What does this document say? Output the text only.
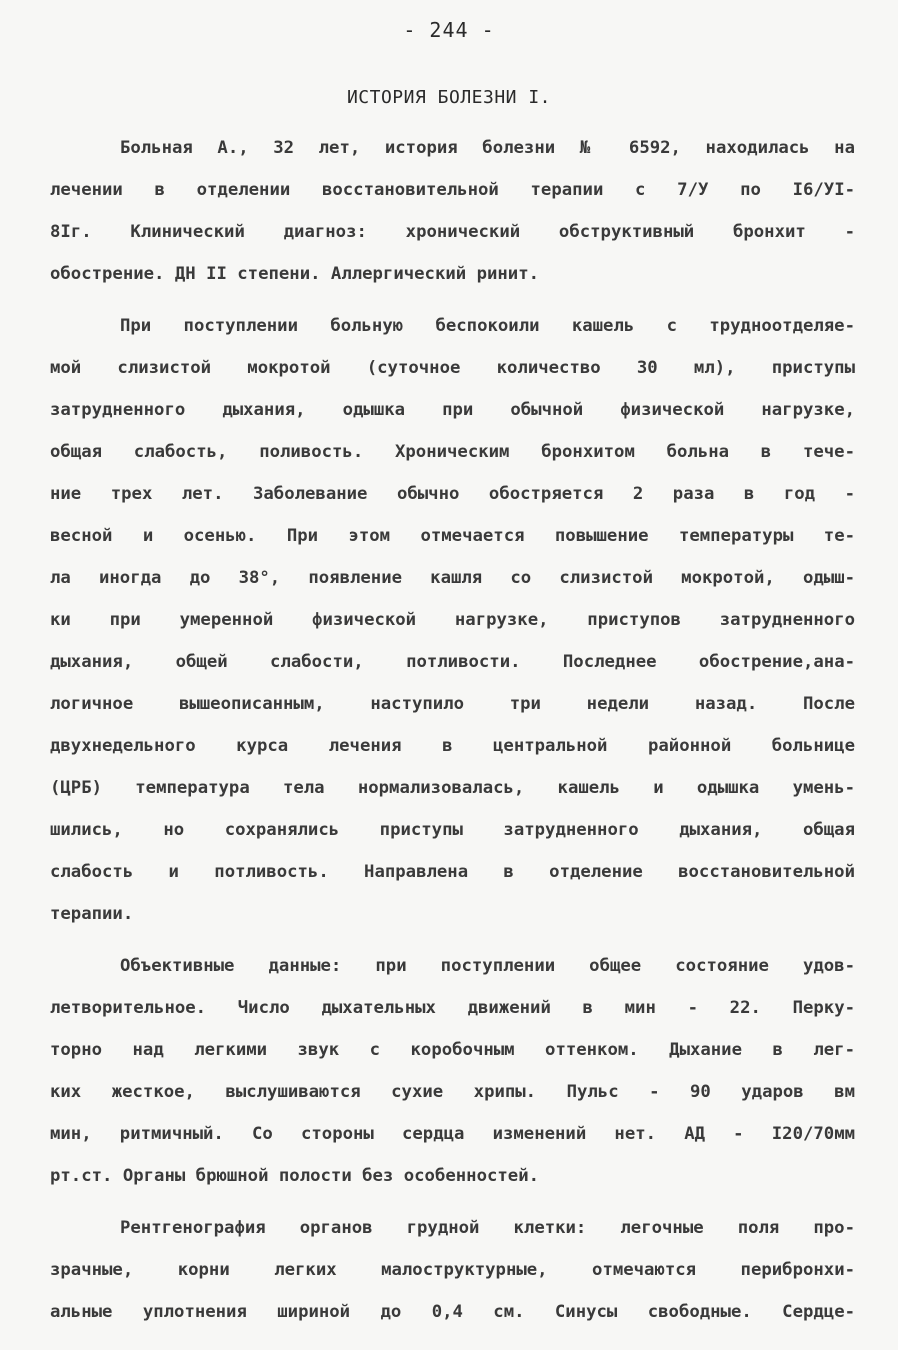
- 244 -
ИСТОРИЯ БОЛЕЗНИ I.
Больная А., 32 лет, история болезни № 6592, находилась на
лечении в отделении восстановительной терапии с 7/У по I6/УI-
8Iг. Клинический диагноз: хронический обструктивный бронхит -
обострение. ДН II степени. Аллергический ринит.
При поступлении больную беспокоили кашель с трудноотделяе-
мой слизистой мокротой (суточное количество 30 мл), приступы
затрудненного дыхания, одышка при обычной физической нагрузке,
общая слабость, поливость. Хроническим бронхитом больна в тече-
ние трех лет. Заболевание обычно обостряется 2 раза в год -
весной и осенью. При этом отмечается повышение температуры те-
ла иногда до 38°, появление кашля со слизистой мокротой, одыш-
ки при умеренной физической нагрузке, приступов затрудненного
дыхания, общей слабости, потливости. Последнее обострение,ана-
логичное вышеописанным, наступило три недели назад. После
двухнедельного курса лечения в центральной районной больнице
(ЦРБ) температура тела нормализовалась, кашель и одышка умень-
шились, но сохранялись приступы затрудненного дыхания, общая
слабость и потливость. Направлена в отделение восстановительной
терапии.
Объективные данные: при поступлении общее состояние удов-
летворительное. Число дыхательных движений в мин - 22. Перку-
торно над легкими звук с коробочным оттенком. Дыхание в лег-
ких жесткое, выслушиваются сухие хрипы. Пульс - 90 ударов вм
мин, ритмичный. Со стороны сердца изменений нет. АД - I20/70мм
рт.ст. Органы брюшной полости без особенностей.
Рентгенография органов грудной клетки: легочные поля про-
зрачные, корни легких малоструктурные, отмечаются перибронхи-
альные уплотнения шириной до 0,4 см. Синусы свободные. Сердце-
